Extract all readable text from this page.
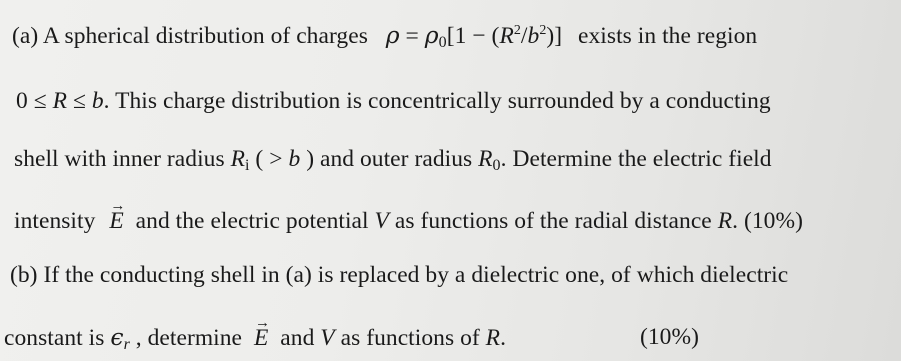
(a) A spherical distribution of charges  $\rho = \rho_0[1 - (R^2/b^2)]$  exists in the region
0 ≤ R ≤ b. This charge distribution is concentrically surrounded by a conducting
shell with inner radius $R_i$ ( > b ) and outer radius $R_0$. Determine the electric field
intensity → E and the electric potential V as functions of the radial distance R. (10%)
(b) If the conducting shell in (a) is replaced by a dielectric one, of which dielectric
constant is $\epsilon_r$ , determine → E and V as functions of R.	(10%)
